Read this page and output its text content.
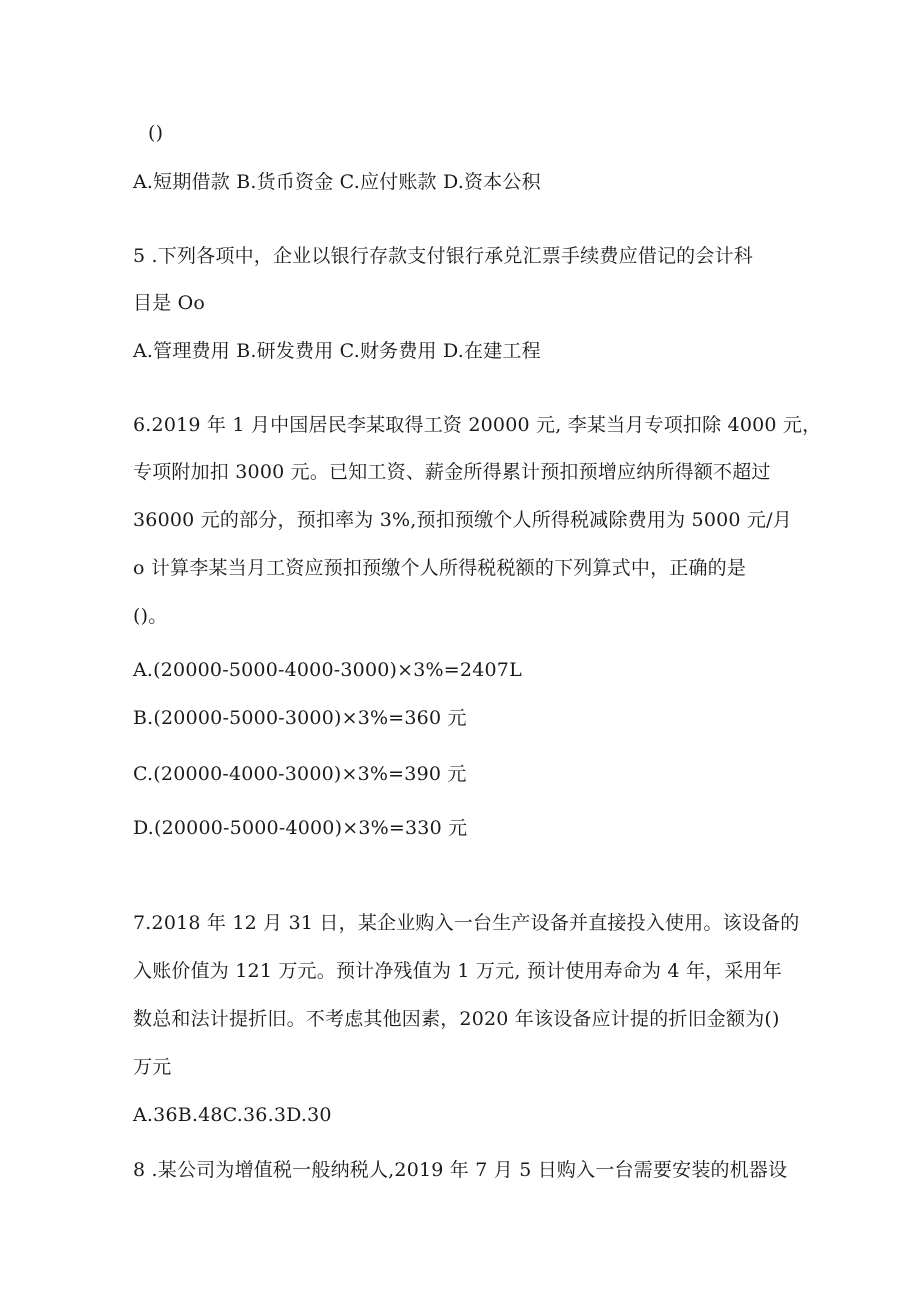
()
A.短期借款 B.货币资金 C.应付账款 D.资本公积
5 .下列各项中，企业以银行存款支付银行承兑汇票手续费应借记的会计科
目是 Oo
A.管理费用 B.研发费用 C.财务费用 D.在建工程
6.2019 年 1 月中国居民李某取得工资 20000 元, 李某当月专项扣除 4000 元，
专项附加扣 3000 元。已知工资、薪金所得累计预扣预增应纳所得额不超过
36000 元的部分，预扣率为 3%,预扣预缴个人所得税减除费用为 5000 元/月
o 计算李某当月工资应预扣预缴个人所得税税额的下列算式中，正确的是
()。
A.(20000-5000-4000-3000)×3%=2407L
B.(20000-5000-3000)×3%=360 元
C.(20000-4000-3000)×3%=390 元
D.(20000-5000-4000)×3%=330 元
7.2018 年 12 月 31 日，某企业购入一台生产设备并直接投入使用。该设备的
入账价值为 121 万元。预计净残值为 1 万元, 预计使用寿命为 4 年，采用年
数总和法计提折旧。不考虑其他因素，2020 年该设备应计提的折旧金额为()
万元
A.36B.48C.36.3D.30
8 .某公司为增值税一般纳税人,2019 年 7 月 5 日购入一台需要安装的机器设
